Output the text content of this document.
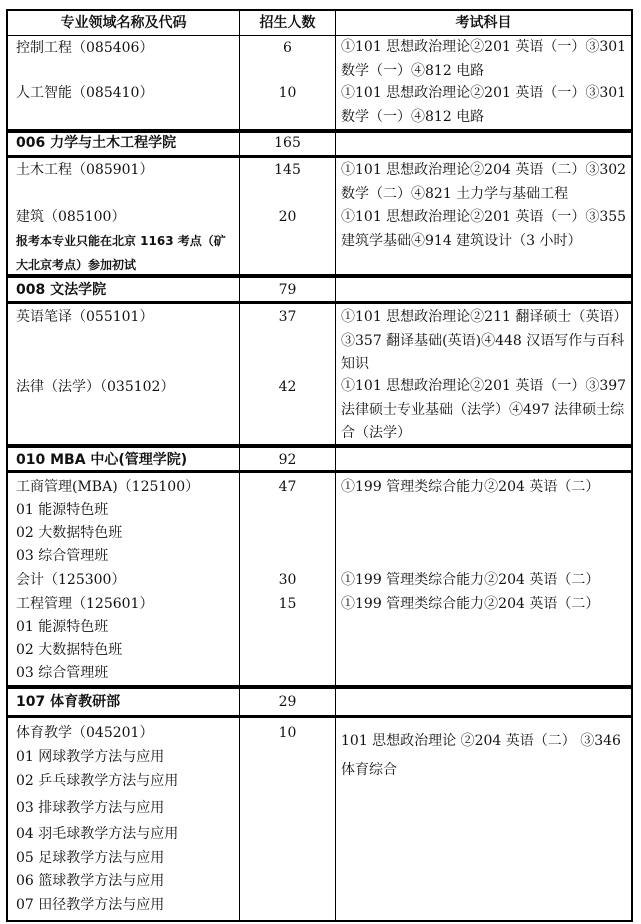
专业领域名称及代码	招生人数	考试科目
控制工程（085406）	6	①101 思想政治理论②201 英语（一）③301 数学（一）④812 电路
人工智能（085410）	10	①101 思想政治理论②201 英语（一）③301 数学（一）④812 电路
006 力学与土木工程学院	165
土木工程（085901）	145	①101 思想政治理论②204 英语（二）③302 数学（二）④821 土力学与基础工程
建筑（085100）	20	①101 思想政治理论②201 英语（一）③355 建筑学基础④914 建筑设计（3 小时）
报考本专业只能在北京 1163 考点（矿
大北京考点）参加初试
008 文法学院	79
英语笔译（055101）	37	①101 思想政治理论②211 翻译硕士（英语）③357 翻译基础(英语)④448 汉语写作与百科知识
法律（法学）（035102）	42	①101 思想政治理论②201 英语（一）③397 法律硕士专业基础（法学）④497 法律硕士综合（法学）
010 MBA 中心(管理学院)	92
工商管理(MBA)（125100）	47	①199 管理类综合能力②204 英语（二）
01 能源特色班
02 大数据特色班
03 综合管理班
会计（125300）	30	①199 管理类综合能力②204 英语（二）
工程管理（125601）	15	①199 管理类综合能力②204 英语（二）
01 能源特色班
02 大数据特色班
03 综合管理班
107 体育教研部	29
体育教学（045201）	10	101 思想政治理论 ②204 英语（二） ③346 体育综合
01 网球教学方法与应用
02 乒乓球教学方法与应用
03 排球教学方法与应用
04 羽毛球教学方法与应用
05 足球教学方法与应用
06 篮球教学方法与应用
07 田径教学方法与应用
